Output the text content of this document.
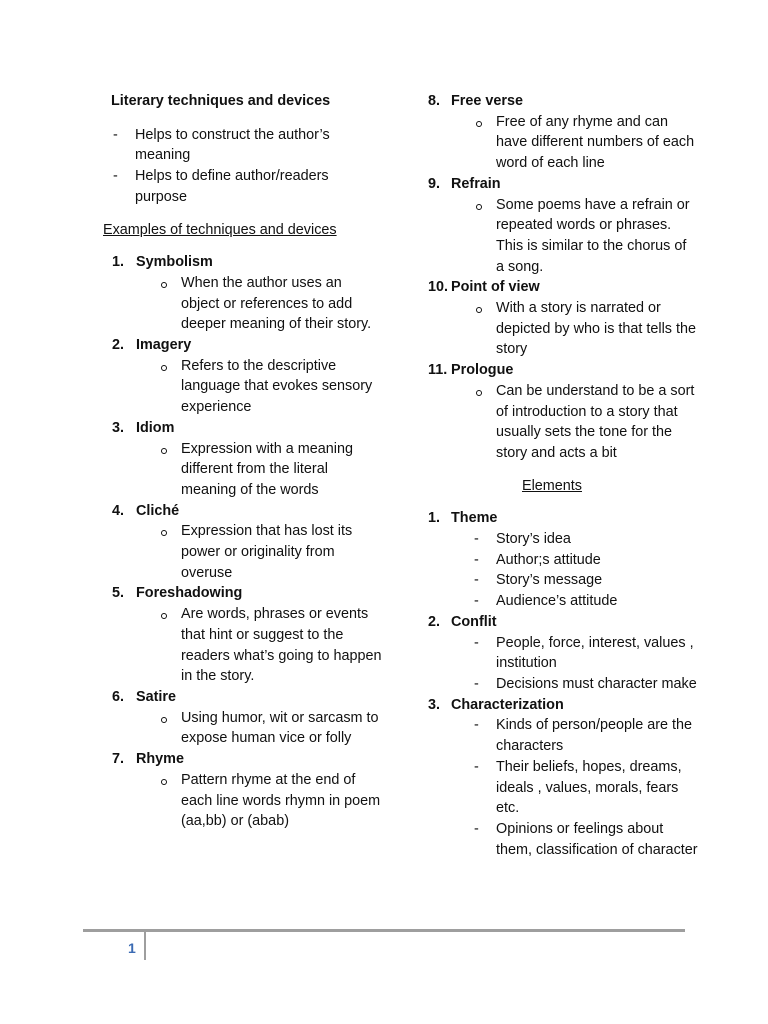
Literary techniques and devices
- Helps to construct the author’s meaning
- Helps to define author/readers purpose
Examples of techniques and devices
1. Symbolism
When the author uses an object or references to add deeper meaning of their story.
2. Imagery
Refers to the descriptive language that evokes sensory experience
3. Idiom
Expression with a meaning different from the literal meaning of the words
4. Cliché
Expression that has lost its power or originality from overuse
5. Foreshadowing
Are words, phrases or events that hint or suggest to the readers what’s going to happen in the story.
6. Satire
Using humor, wit or sarcasm to expose human vice or folly
7. Rhyme
Pattern rhyme at the end of each line words rhymn in poem (aa,bb) or (abab)
8. Free verse
Free of any rhyme and can have different numbers of each word of each line
9. Refrain
Some poems have a refrain or repeated words or phrases. This is similar to the chorus of a song.
10. Point of view
With a story is narrated or depicted by who is that tells the story
11. Prologue
Can be understand to be a sort of introduction to a story that usually sets the tone for the story and acts a bit
Elements
1. Theme
- Story’s idea
- Author;s attitude
- Story’s message
- Audience’s attitude
2. Conflit
- People, force, interest, values , institution
- Decisions must character make
3. Characterization
- Kinds of person/people are the characters
- Their beliefs, hopes, dreams, ideals , values, morals, fears etc.
- Opinions or feelings about them, classification of character
1
